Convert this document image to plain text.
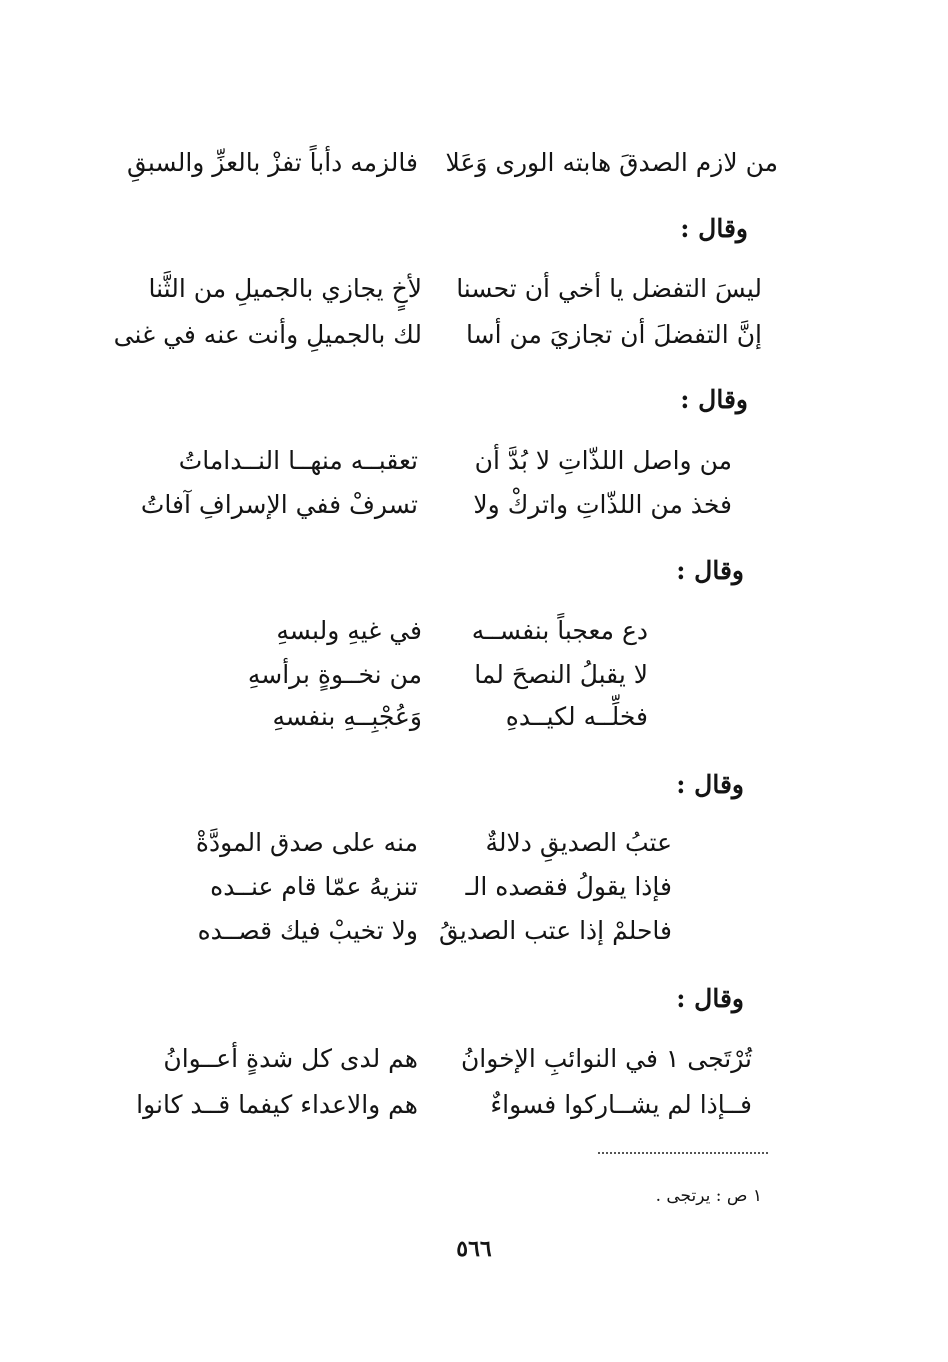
من لازم الصدقَ هابته الورى وَعَلا
فالزمه دأباً تفزْ بالعزِّ والسبقِ
وقال :
ليسَ التفضل يا أخي أن تحسنا
لأخٍ يجازي بالجميلِ من الثَّنا
إنَّ التفضلَ أن تجازيَ من أسا
لك بالجميلِ وأنت عنه في غنى
وقال :
من واصل اللذّاتِ لا بُدَّ أن
تعقبــه منهــا النــداماتُ
فخذ من اللذّاتِ واتركْ ولا
تسرفْ ففي الإسرافِ آفاتُ
وقال :
دع معجباً بنفســه
في غيهِ ولبسهِ
لا يقبلُ النصحَ لما
من نخــوةٍ برأسهِ
فخلِّــه لكيــدهِ
وَعُجْبِــهِ بنفسهِ
وقال :
عتبُ الصديقِ دلالةٌ
منه على صدق المودَّةْ
فإذا يقولُ فقصده الـ
تنزيهُ عمّا قام عنــده
فاحلمْ إذا عتب الصديقُ
ولا تخيبْ فيك قصــده
وقال :
تُرْتَجى ١ في النوائبِ الإخوانُ
هم لدى كل شدةٍ أعــوانُ
فــإذا لم يشــاركوا فسواءٌ
هم والاعداء كيفما قــد كانوا
١ ص : يرتجى .
٥٦٦
